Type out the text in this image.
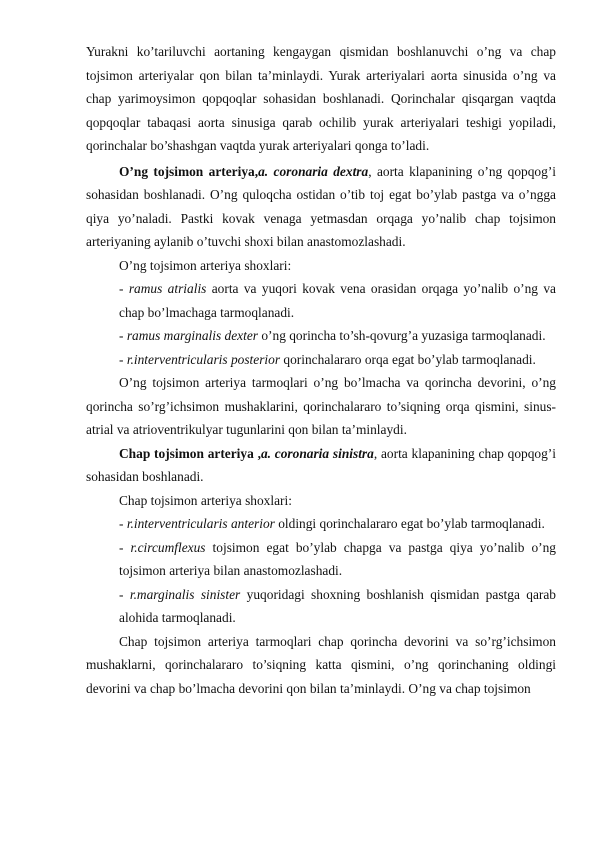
Yurakni ko’tariluvchi aortaning kengaygan qismidan boshlanuvchi o’ng va chap tojsimon arteriyalar qon bilan ta’minlaydi. Yurak arteriyalari aorta sinusida o’ng va chap yarimoysimon qopqoqlar sohasidan boshlanadi. Qorinchalar qisqargan vaqtda qopqoqlar tabaqasi aorta sinusiga qarab ochilib yurak arteriyalari teshigi yopiladi, qorinchalar bo’shashgan vaqtda yurak arteriyalari qonga to’ladi.

O’ng tojsimon arteriya,a. coronaria dextra, aorta klapanining o’ng qopqog’i sohasidan boshlanadi. O’ng quloqcha ostidan o’tib toj egat bo’ylab pastga va o’ngga qiya yo’naladi. Pastki kovak venaga yetmasdan orqaga yo’nalib chap tojsimon arteriyaning aylanib o’tuvchi shoxi bilan anastomozlashadi.

O’ng tojsimon arteriya shoxlari:

- ramus atrialis aorta va yuqori kovak vena orasidan orqaga yo’nalib o’ng va chap bo’lmachaga tarmoqlanadi.

- ramus marginalis dexter o’ng qorincha to’sh-qovurg’a yuzasiga tarmoqlanadi.

- r.interventricularis posterior qorinchalararo orqa egat bo’ylab tarmoqlanadi.

O’ng tojsimon arteriya tarmoqlari o’ng bo’lmacha va qorincha devorini, o’ng qorincha so’rg’ichsimon mushaklarini, qorinchalararo to’siqning orqa qismini, sinus-atrial va atrioventrikulyar tugunlarini qon bilan ta’minlaydi.

Chap tojsimon arteriya ,a. coronaria sinistra, aorta klapanining chap qopqog’i sohasidan boshlanadi.

Chap tojsimon arteriya shoxlari:

- r.interventricularis anterior oldingi qorinchalararo egat bo’ylab tarmoqlanadi.

- r.circumflexus tojsimon egat bo’ylab chapga va pastga qiya yo’nalib o’ng tojsimon arteriya bilan anastomozlashadi.

- r.marginalis sinister yuqoridagi shoxning boshlanish qismidan pastga qarab alohida tarmoqlanadi.

Chap tojsimon arteriya tarmoqlari chap qorincha devorini va so’rg’ichsimon mushaklarni, qorinchalararo to’siqning katta qismini, o’ng qorinchaning oldingi devorini va chap bo’lmacha devorini qon bilan ta’minlaydi. O’ng va chap tojsimon
